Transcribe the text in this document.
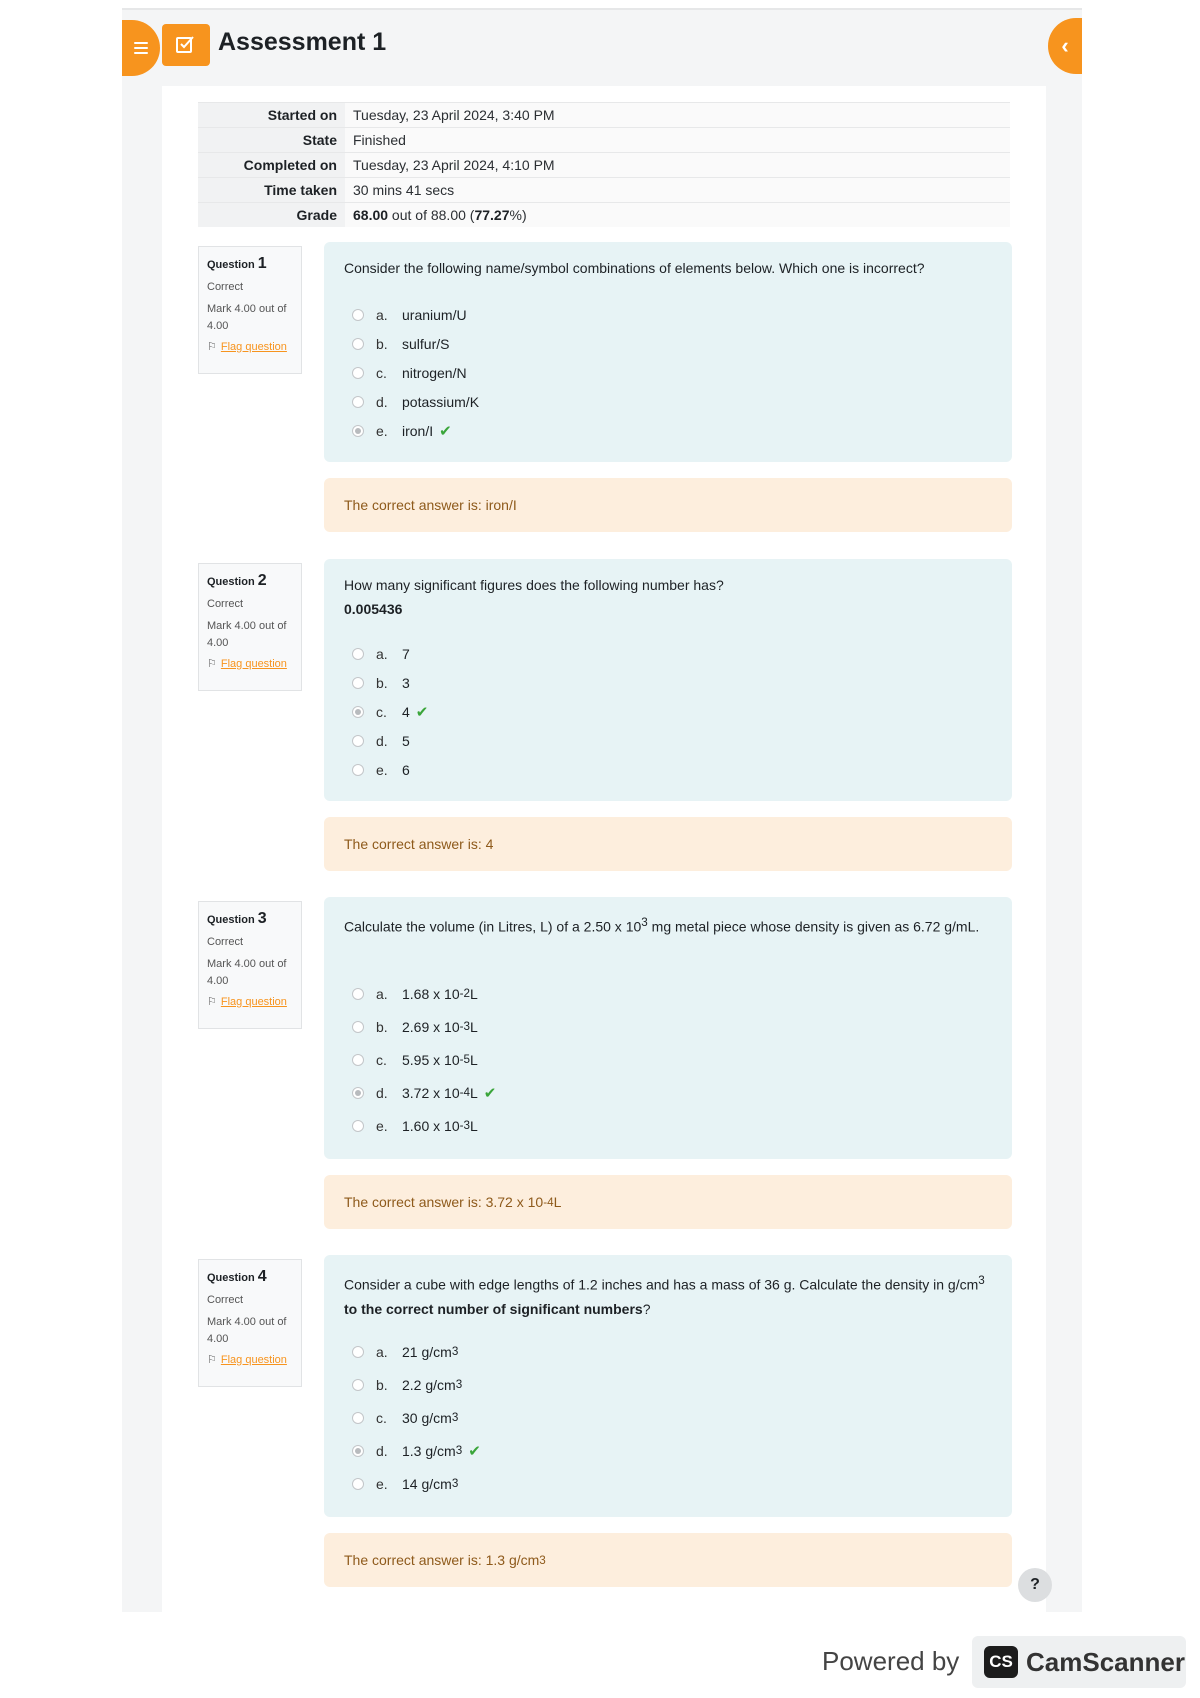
Assessment 1	‹
Started on	Tuesday, 23 April 2024, 3:40 PM
State	Finished
Completed on	Tuesday, 23 April 2024, 4:10 PM
Time taken	30 mins 41 secs
Grade	68.00 out of 88.00 (77.27%)
Question 1
Correct
Mark 4.00 out of 4.00
⚐ Flag question
Consider the following name/symbol combinations of elements below. Which one is incorrect?
a.	uranium/U
b.	sulfur/S
c.	nitrogen/N
d.	potassium/K
e.	iron/I ✔
The correct answer is: iron/I
Question 2
Correct
Mark 4.00 out of 4.00
⚐ Flag question
How many significant figures does the following number has?
0.005436
a.	7
b.	3
c.	4 ✔
d.	5
e.	6
The correct answer is: 4
Question 3
Correct
Mark 4.00 out of 4.00
⚐ Flag question
Calculate the volume (in Litres, L) of a 2.50 x $10^3$ mg metal piece whose density is given as 6.72 g/mL.
a.	1.68 x 10 -2 L
b.	2.69 x 10 -3 L
c.	5.95 x 10 -5 L
d.	3.72 x 10 -4 L ✔
e.	1.60 x 10 -3 L
The correct answer is: 3.72 x 10 -4 L
Question 4
Correct
Mark 4.00 out of 4.00
⚐ Flag question
Consider a cube with edge lengths of 1.2 inches and has a mass of 36 g. Calculate the density in $g/cm^3$ to the correct number of significant numbers?
a.	21 g/cm 3
b.	2.2 g/cm 3
c.	30 g/cm 3
d.	1.3 g/cm 3 ✔
e.	14 g/cm 3
The correct answer is: 1.3 g/cm 3
?
Powered by	CS CamScanner
